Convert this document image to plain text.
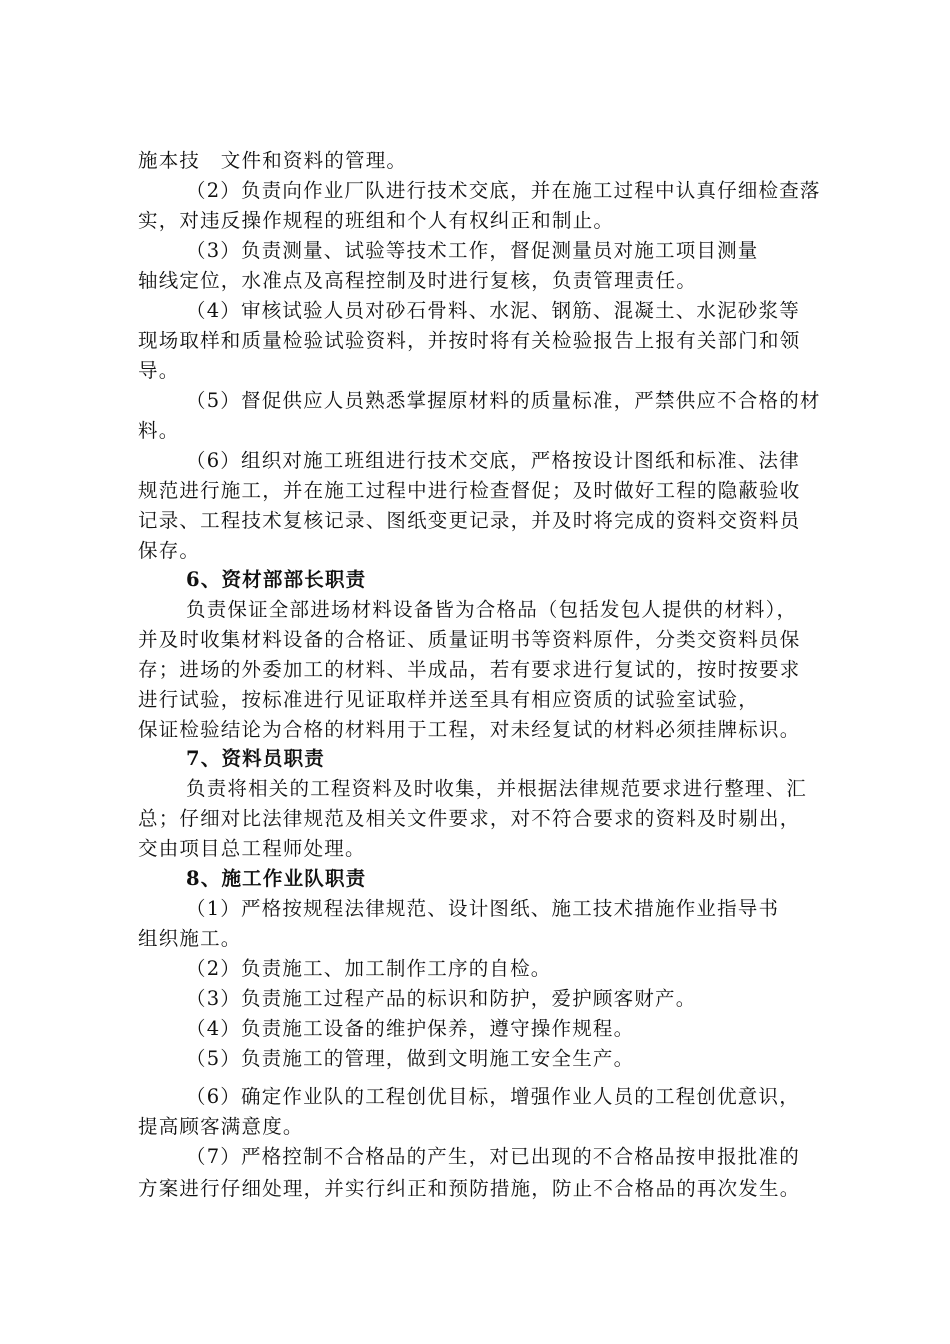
施本技　文件和资料的管理。
（2）负责向作业厂队进行技术交底，并在施工过程中认真仔细检查落
实，对违反操作规程的班组和个人有权纠正和制止。
（3）负责测量、试验等技术工作，督促测量员对施工项目测量
轴线定位，水准点及高程控制及时进行复核，负责管理责任。
（4）审核试验人员对砂石骨料、水泥、钢筋、混凝土、水泥砂浆等
现场取样和质量检验试验资料，并按时将有关检验报告上报有关部门和领
导。
（5）督促供应人员熟悉掌握原材料的质量标准，严禁供应不合格的材
料。
（6）组织对施工班组进行技术交底，严格按设计图纸和标准、法律
规范进行施工，并在施工过程中进行检查督促；及时做好工程的隐蔽验收
记录、工程技术复核记录、图纸变更记录，并及时将完成的资料交资料员
保存。
6、资材部部长职责
负责保证全部进场材料设备皆为合格品（包括发包人提供的材料），
并及时收集材料设备的合格证、质量证明书等资料原件，分类交资料员保
存；进场的外委加工的材料、半成品，若有要求进行复试的，按时按要求
进行试验，按标准进行见证取样并送至具有相应资质的试验室试验，
保证检验结论为合格的材料用于工程，对未经复试的材料必须挂牌标识。
7、资料员职责
负责将相关的工程资料及时收集，并根据法律规范要求进行整理、汇
总；仔细对比法律规范及相关文件要求，对不符合要求的资料及时剔出，
交由项目总工程师处理。
8、施工作业队职责
（1）严格按规程法律规范、设计图纸、施工技术措施作业指导书
组织施工。
（2）负责施工、加工制作工序的自检。
（3）负责施工过程产品的标识和防护，爱护顾客财产。
（4）负责施工设备的维护保养，遵守操作规程。
（5）负责施工的管理，做到文明施工安全生产。
（6）确定作业队的工程创优目标，增强作业人员的工程创优意识，
提高顾客满意度。
（7）严格控制不合格品的产生，对已出现的不合格品按申报批准的
方案进行仔细处理，并实行纠正和预防措施，防止不合格品的再次发生。
